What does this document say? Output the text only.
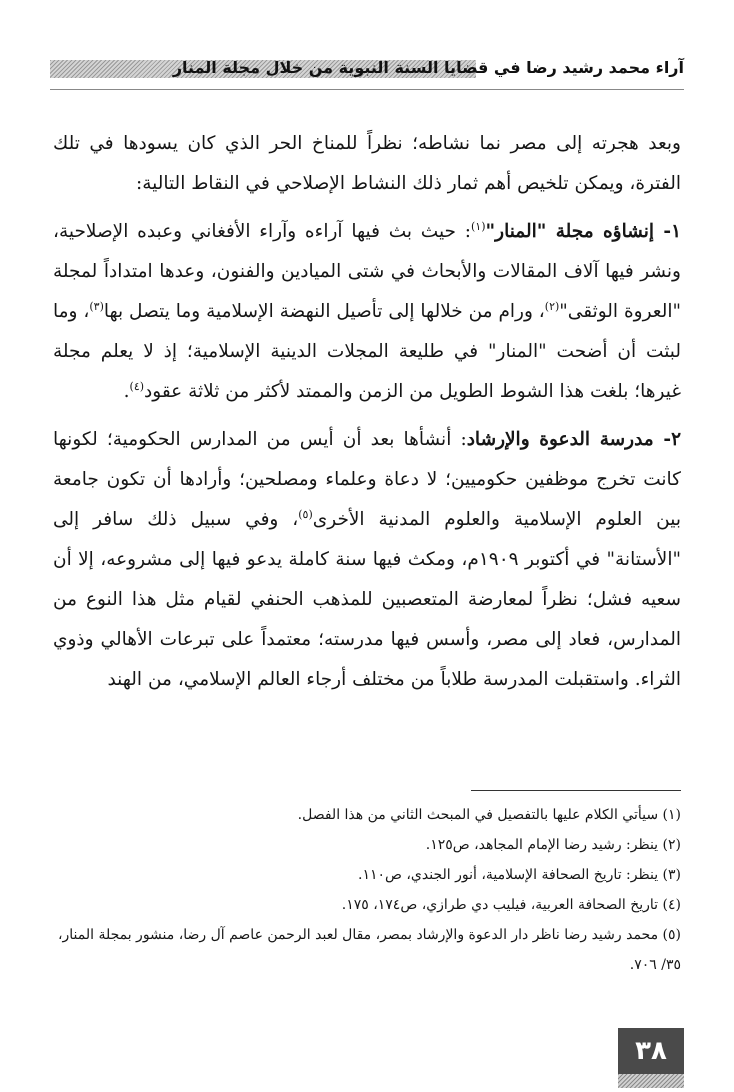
آراء محمد رشيد رضا في قضايا السنة النبوية من خلال مجلة المنار

وبعد هجرته إلى مصر نما نشاطه؛ نظراً للمناخ الحر الذي كان يسودها في تلك الفترة، ويمكن تلخيص أهم ثمار ذلك النشاط الإصلاحي في النقاط التالية:

١- إنشاؤه مجلة "المنار"$^{(١)}$: حيث بث فيها آراءه وآراء الأفغاني وعبده الإصلاحية، ونشر فيها آلاف المقالات والأبحاث في شتى الميادين والفنون، وعدها امتداداً لمجلة "العروة الوثقى"$^{(٢)}$، ورام من خلالها إلى تأصيل النهضة الإسلامية وما يتصل بها$^{(٣)}$، وما لبثت أن أضحت "المنار" في طليعة المجلات الدينية الإسلامية؛ إذ لا يعلم مجلة غيرها؛ بلغت هذا الشوط الطويل من الزمن والممتد لأكثر من ثلاثة عقود$^{(٤)}$.

٢- مدرسة الدعوة والإرشاد: أنشأها بعد أن أيس من المدارس الحكومية؛ لكونها كانت تخرج موظفين حكوميين؛ لا دعاة وعلماء ومصلحين؛ وأرادها أن تكون جامعة بين العلوم الإسلامية والعلوم المدنية الأخرى$^{(٥)}$، وفي سبيل ذلك سافر إلى "الأستانة" في أكتوبر ١٩٠٩م، ومكث فيها سنة كاملة يدعو فيها إلى مشروعه، إلا أن سعيه فشل؛ نظراً لمعارضة المتعصبين للمذهب الحنفي لقيام مثل هذا النوع من المدارس، فعاد إلى مصر، وأسس فيها مدرسته؛ معتمداً على تبرعات الأهالي وذوي الثراء. واستقبلت المدرسة طلاباً من مختلف أرجاء العالم الإسلامي، من الهند

(١) سيأتي الكلام عليها بالتفصيل في المبحث الثاني من هذا الفصل.
(٢) ينظر: رشيد رضا الإمام المجاهد، ص١٢٥.
(٣) ينظر: تاريخ الصحافة الإسلامية، أنور الجندي، ص١١٠.
(٤) تاريخ الصحافة العربية، فيليب دي طرازي، ص١٧٤، ١٧٥.
(٥) محمد رشيد رضا ناظر دار الدعوة والإرشاد بمصر، مقال لعبد الرحمن عاصم آل رضا، منشور بمجلة المنار، ٣٥/ ٧٠٦.
٣٨
